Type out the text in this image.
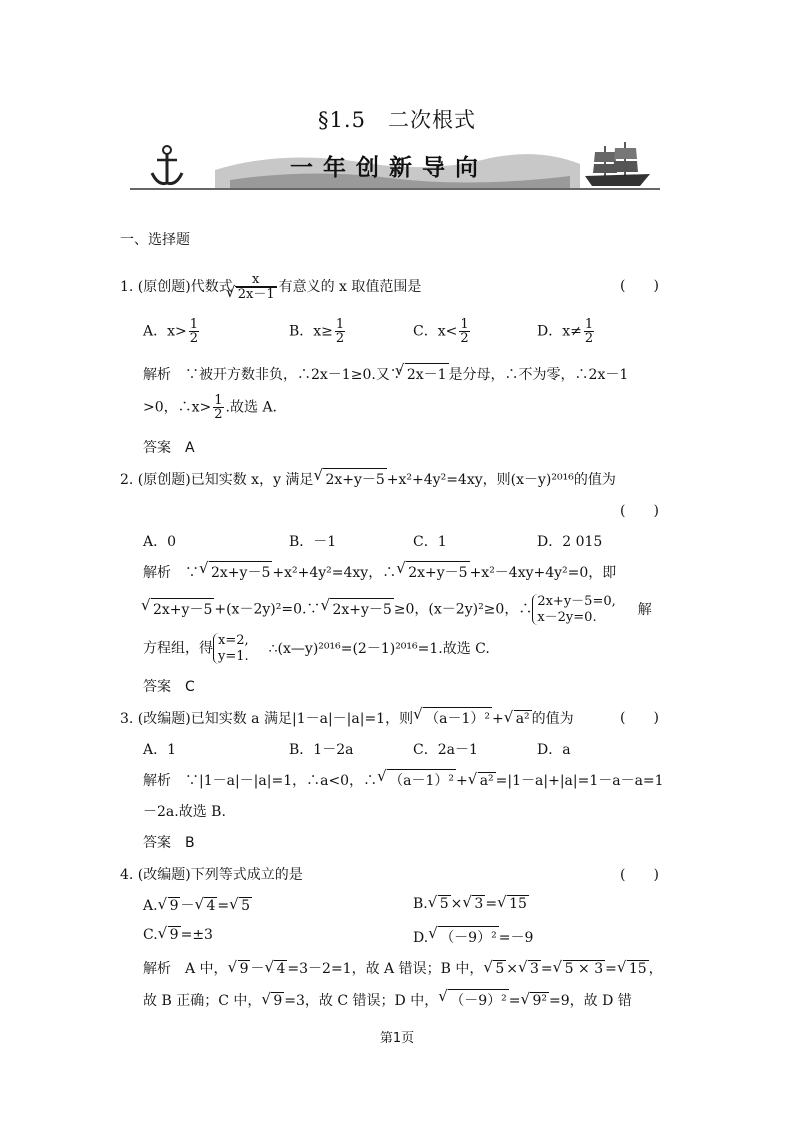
§1.5　二次根式
一年创新导向
一、选择题
1. (原创题)代数式 x
√ 2x－1 有意义的 x 取值范围是	(　　)
A．$x> \frac{1}{2}$	B．$x\ge \frac{1}{2}$	C．$x< \frac{1}{2}$	D．$x\ne \frac{1}{2}$
解析　∵被开方数非负，∴2x－1≥0.又∵ √ 2x－1 是分母，∴不为零，∴2x－1
>0，∴x> $\frac{1}{2}$ .故选 A.
答案　A
2. (原创题)已知实数 x，y 满足 √ 2x+y－5 +x²+4y²=4xy，则(x－y)²⁰¹⁶的值为
(　　)
A．0	B．－1	C．1	D．2 015
解析　∵ √ 2x+y－5 +x²+4y²=4xy，∴ √ 2x+y－5 +x²－4xy+4y²=0，即
√ 2x+y－5 +(x－2y)²=0.∵ √ 2x+y－5 ≥0，(x－2y)²≥0，∴2x+y－5=0,
x－2y=0.	解
方程组，得x=2,
y=1. ∴(x—y)²⁰¹⁶=(2－1)²⁰¹⁶=1.故选 C.
答案　C
3. (改编题)已知实数 a 满足|1－a|－|a|=1，则 √ （a－1）² + √ a² 的值为	(　　)
A．1	B．1－2a	C．2a－1	D．a
解析　∵|1－a|－|a|=1，∴a<0，∴ √ （a－1）² + √ a² =|1－a|+|a|=1－a－a=1
－2a.故选 B.
答案　B
4. (改编题)下列等式成立的是	(　　)
A. √ 9 － √ 4 = √ 5	B. √ 5 × √ 3 = √ 15
C. √ 9 =±3	D. √ （－9）² =－9
解析　A 中， √ 9 － √ 4 =3－2=1，故 A 错误；B 中， √ 5 × √ 3 = √ 5 × 3 = √ 15 ，
故 B 正确；C 中， √ 9 =3，故 C 错误；D 中， √ （－9）² = √ 9² =9，故 D 错
第1页
